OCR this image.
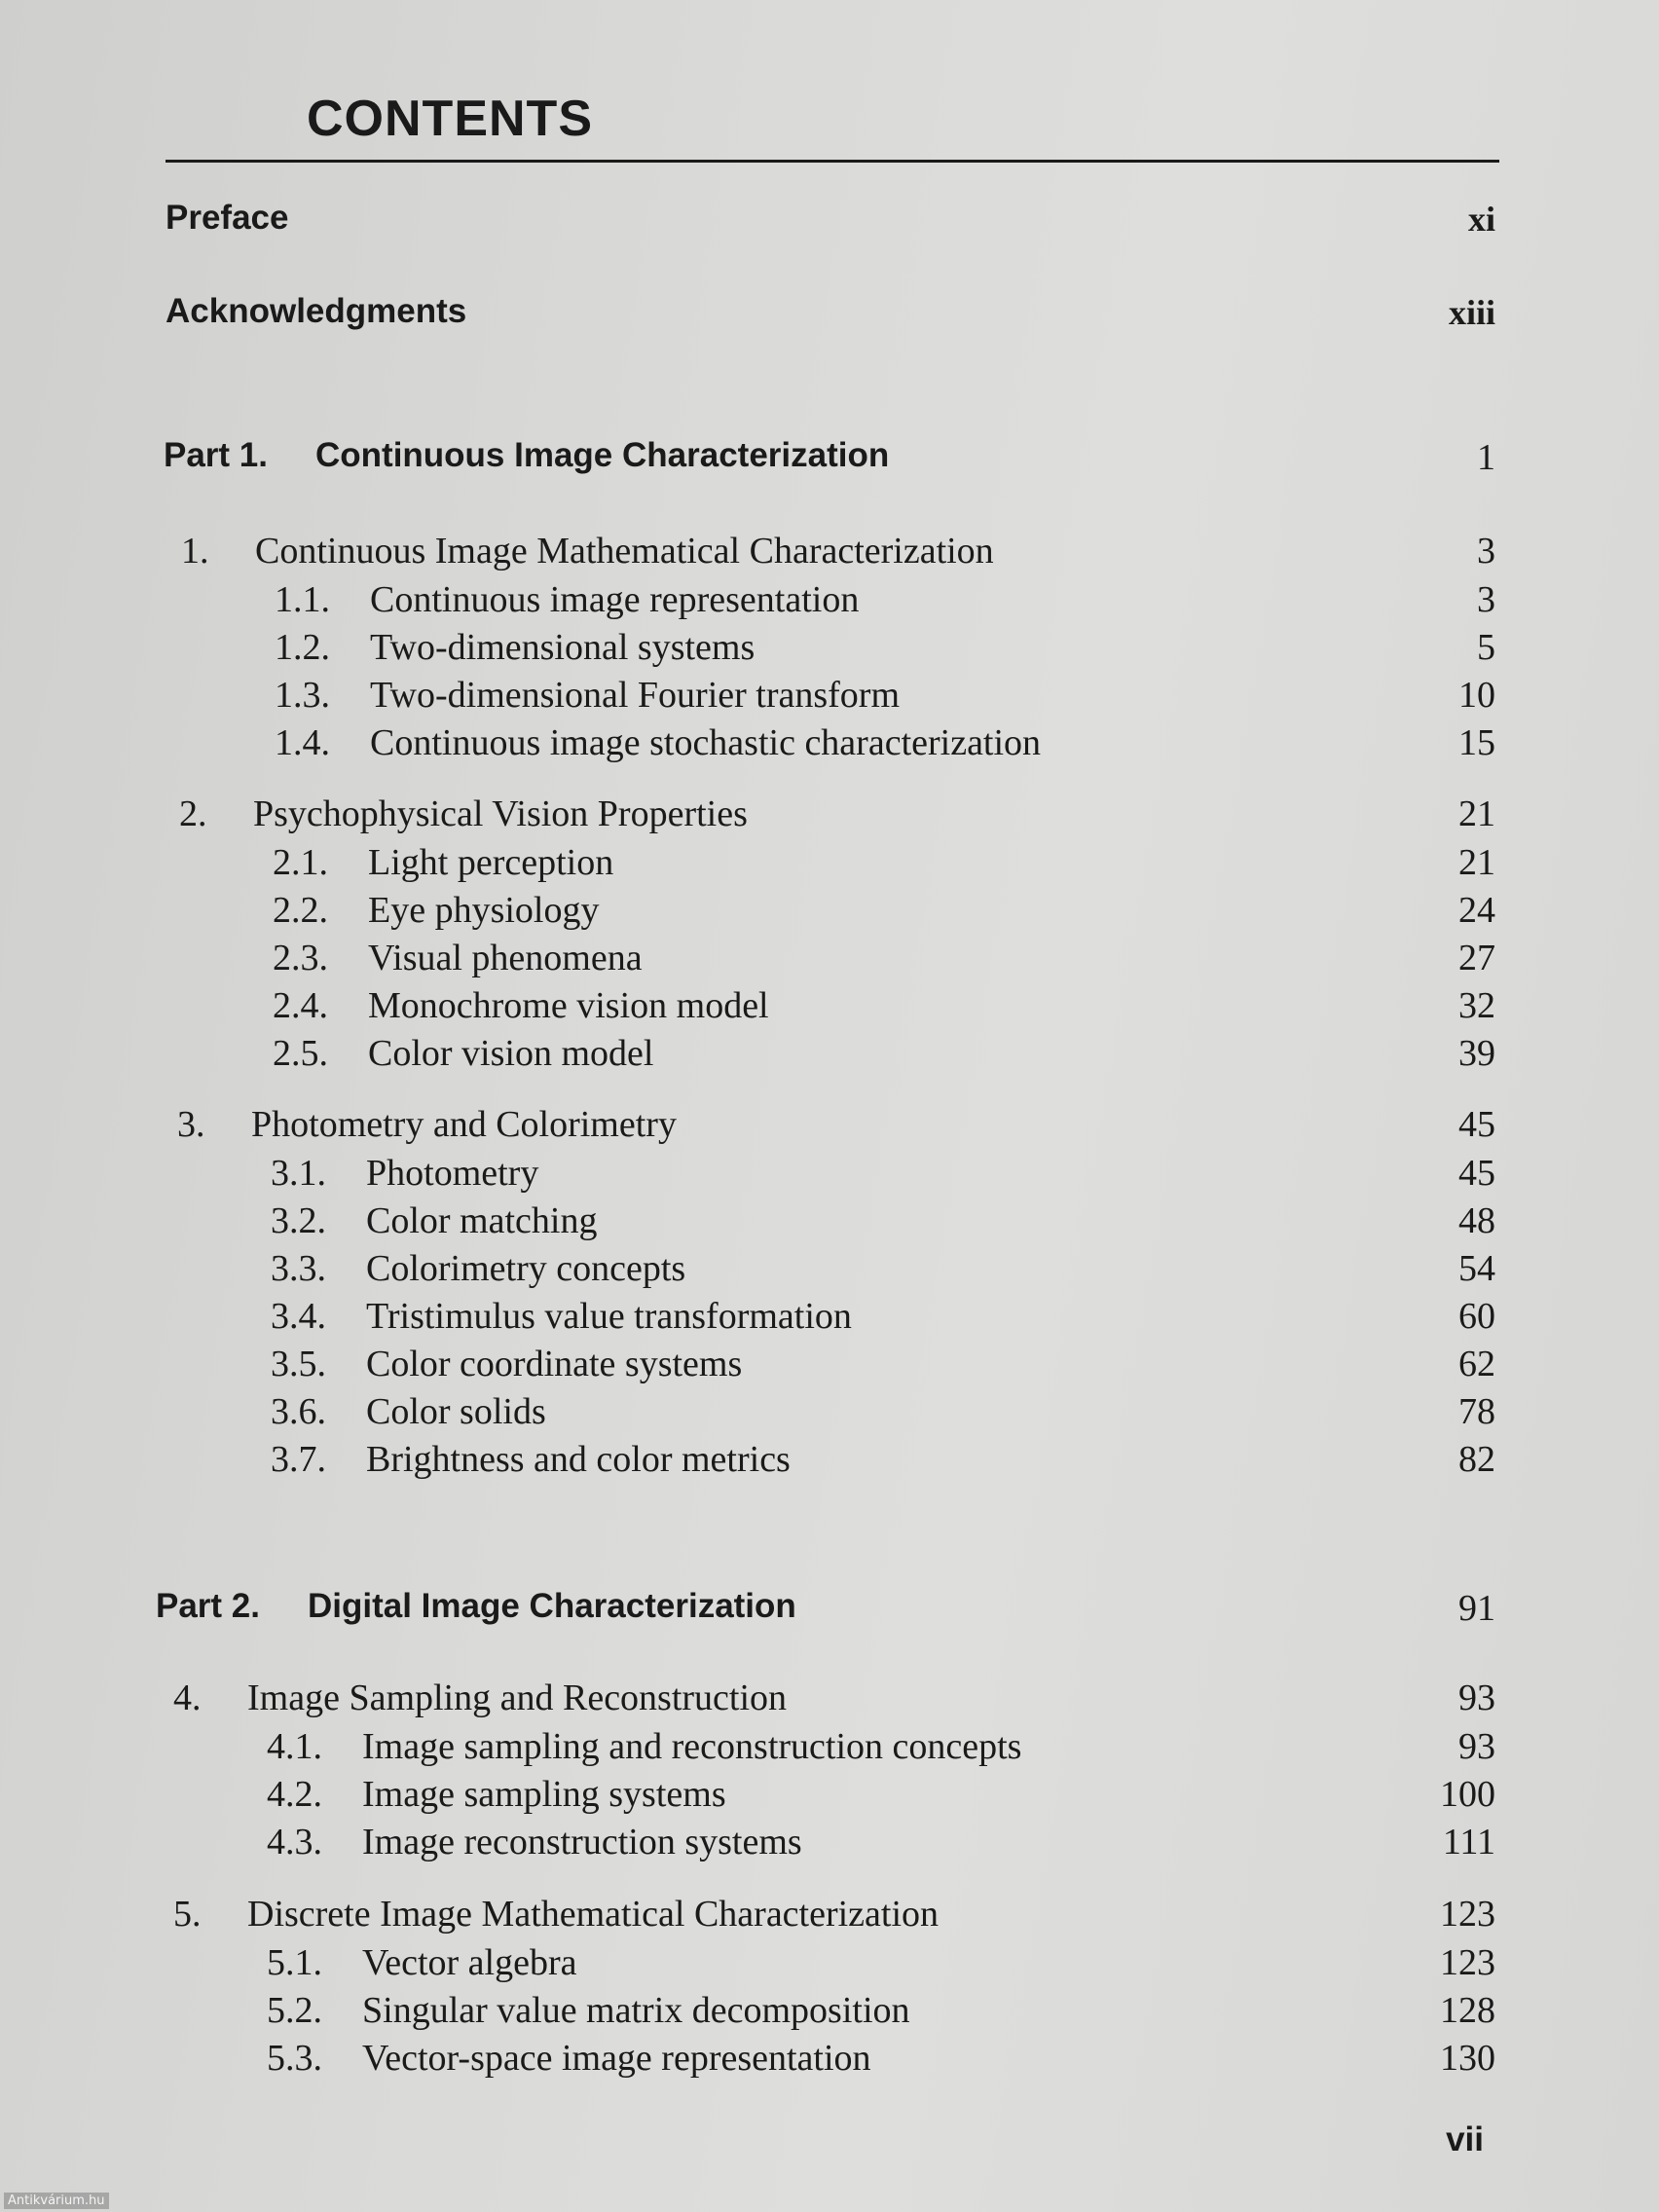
CONTENTS
Preface	xi
Acknowledgments	xiii
Part 1. Continuous Image Characterization	1
1. Continuous Image Mathematical Characterization	3
1.1. Continuous image representation	3
1.2. Two-dimensional systems	5
1.3. Two-dimensional Fourier transform	10
1.4. Continuous image stochastic characterization	15
2. Psychophysical Vision Properties	21
2.1. Light perception	21
2.2. Eye physiology	24
2.3. Visual phenomena	27
2.4. Monochrome vision model	32
2.5. Color vision model	39
3. Photometry and Colorimetry	45
3.1. Photometry	45
3.2. Color matching	48
3.3. Colorimetry concepts	54
3.4. Tristimulus value transformation	60
3.5. Color coordinate systems	62
3.6. Color solids	78
3.7. Brightness and color metrics	82
Part 2. Digital Image Characterization	91
4. Image Sampling and Reconstruction	93
4.1. Image sampling and reconstruction concepts	93
4.2. Image sampling systems	100
4.3. Image reconstruction systems	111
5. Discrete Image Mathematical Characterization	123
5.1. Vector algebra	123
5.2. Singular value matrix decomposition	128
5.3. Vector-space image representation	130
vii
Antikvárium.hu
